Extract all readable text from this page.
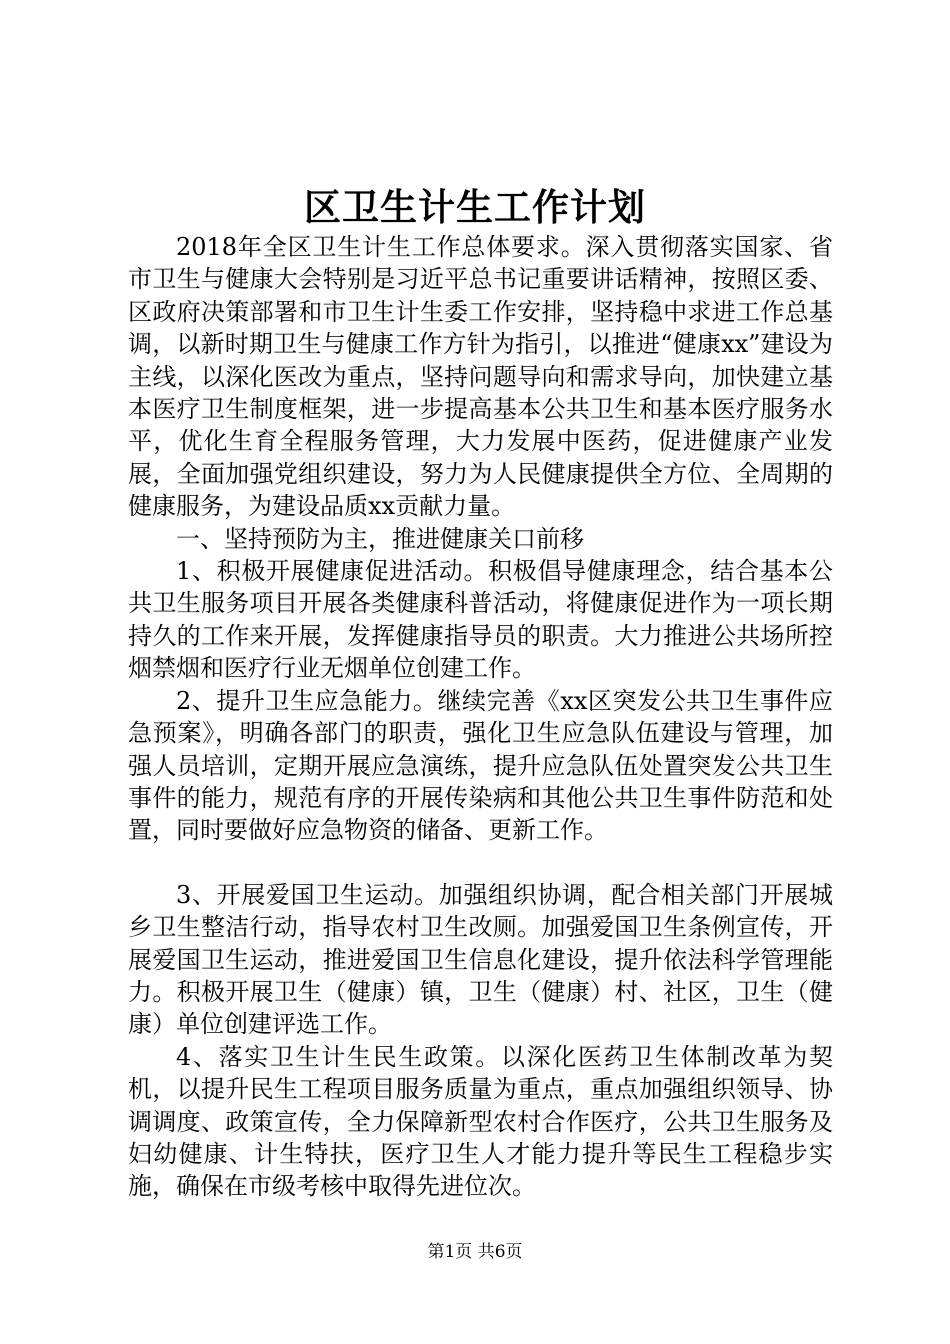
区卫生计生工作计划

2018年全区卫生计生工作总体要求。深入贯彻落实国家、省市卫生与健康大会特别是习近平总书记重要讲话精神，按照区委、区政府决策部署和市卫生计生委工作安排，坚持稳中求进工作总基调，以新时期卫生与健康工作方针为指引，以推进“健康xx”建设为主线，以深化医改为重点，坚持问题导向和需求导向，加快建立基本医疗卫生制度框架，进一步提高基本公共卫生和基本医疗服务水平，优化生育全程服务管理，大力发展中医药，促进健康产业发展，全面加强党组织建设，努力为人民健康提供全方位、全周期的健康服务，为建设品质xx贡献力量。

一、坚持预防为主，推进健康关口前移

1、积极开展健康促进活动。积极倡导健康理念，结合基本公共卫生服务项目开展各类健康科普活动，将健康促进作为一项长期持久的工作来开展，发挥健康指导员的职责。大力推进公共场所控烟禁烟和医疗行业无烟单位创建工作。

2、提升卫生应急能力。继续完善《xx区突发公共卫生事件应急预案》，明确各部门的职责，强化卫生应急队伍建设与管理，加强人员培训，定期开展应急演练，提升应急队伍处置突发公共卫生事件的能力，规范有序的开展传染病和其他公共卫生事件防范和处置，同时要做好应急物资的储备、更新工作。

3、开展爱国卫生运动。加强组织协调，配合相关部门开展城乡卫生整洁行动，指导农村卫生改厕。加强爱国卫生条例宣传，开展爱国卫生运动，推进爱国卫生信息化建设，提升依法科学管理能力。积极开展卫生（健康）镇，卫生（健康）村、社区，卫生（健康）单位创建评选工作。

4、落实卫生计生民生政策。以深化医药卫生体制改革为契机，以提升民生工程项目服务质量为重点，重点加强组织领导、协调调度、政策宣传，全力保障新型农村合作医疗，公共卫生服务及妇幼健康、计生特扶，医疗卫生人才能力提升等民生工程稳步实施，确保在市级考核中取得先进位次。

第1页 共6页
